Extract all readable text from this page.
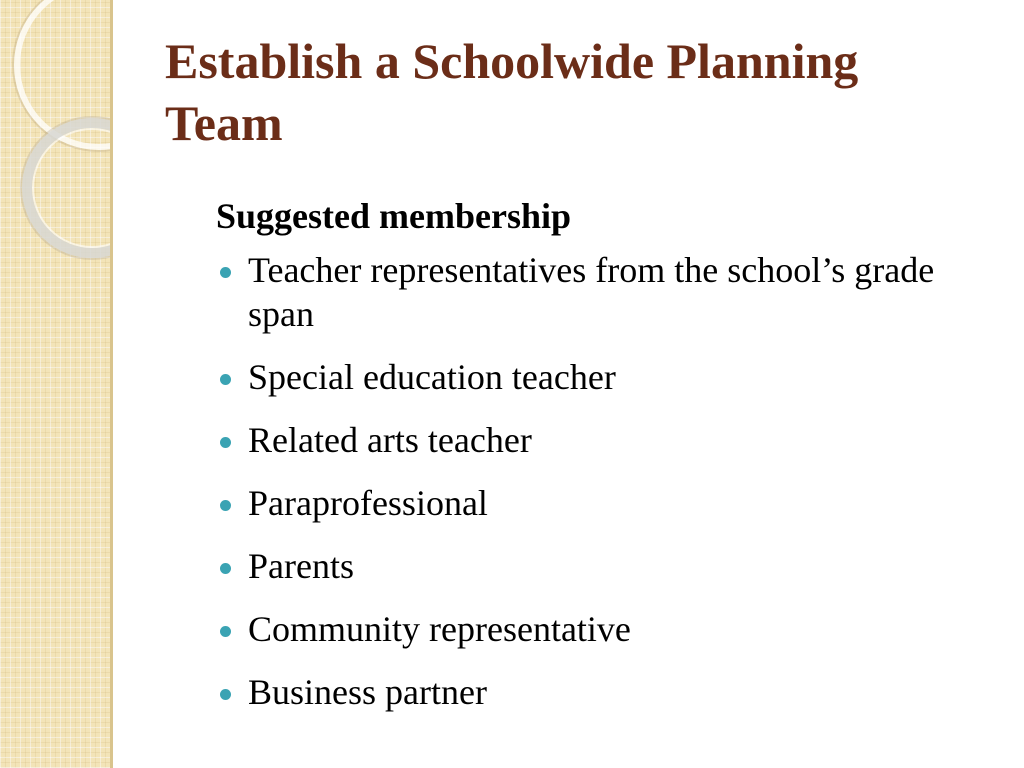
Establish a Schoolwide Planning Team

Suggested membership

Teacher representatives from the school’s grade span
Special education teacher
Related arts teacher
Paraprofessional
Parents
Community representative
Business partner
